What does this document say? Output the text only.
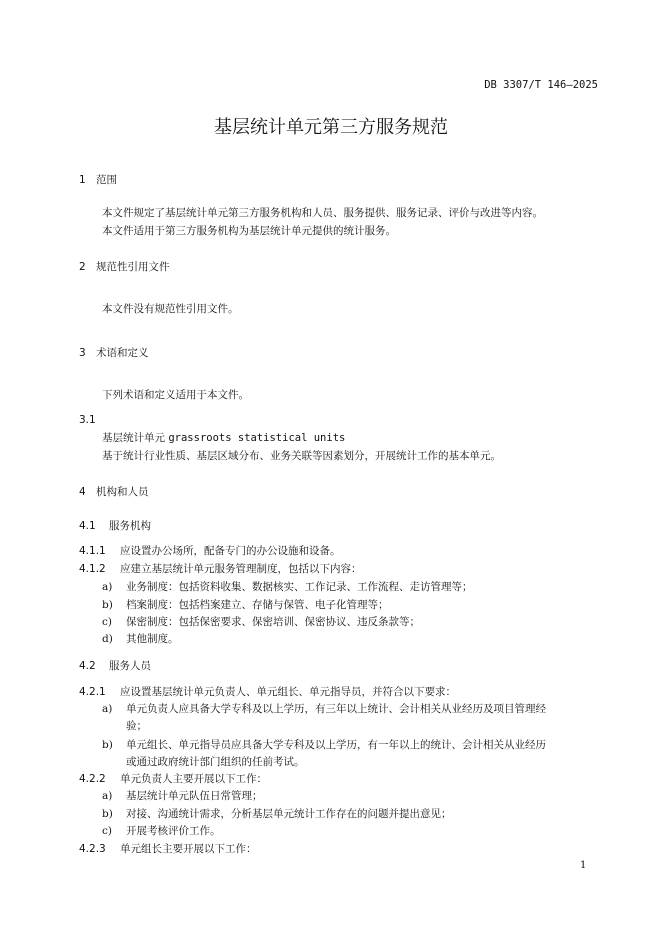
DB 3307/T 146—2025
基层统计单元第三方服务规范
1 范围
本文件规定了基层统计单元第三方服务机构和人员、服务提供、服务记录、评价与改进等内容。
本文件适用于第三方服务机构为基层统计单元提供的统计服务。
2 规范性引用文件
本文件没有规范性引用文件。
3 术语和定义
下列术语和定义适用于本文件。
3.1
基层统计单元 grassroots statistical units
基于统计行业性质、基层区域分布、业务关联等因素划分，开展统计工作的基本单元。
4 机构和人员
4.1 服务机构
4.1.1 应设置办公场所，配备专门的办公设施和设备。
4.1.2 应建立基层统计单元服务管理制度，包括以下内容：
a) 业务制度：包括资料收集、数据核实、工作记录、工作流程、走访管理等；
b) 档案制度：包括档案建立、存储与保管、电子化管理等；
c) 保密制度：包括保密要求、保密培训、保密协议、违反条款等；
d) 其他制度。
4.2 服务人员
4.2.1 应设置基层统计单元负责人、单元组长、单元指导员，并符合以下要求：
a) 单元负责人应具备大学专科及以上学历，有三年以上统计、会计相关从业经历及项目管理经
验；
b) 单元组长、单元指导员应具备大学专科及以上学历，有一年以上的统计、会计相关从业经历
或通过政府统计部门组织的任前考试。
4.2.2 单元负责人主要开展以下工作：
a) 基层统计单元队伍日常管理；
b) 对接、沟通统计需求，分析基层单元统计工作存在的问题并提出意见；
c) 开展考核评价工作。
4.2.3 单元组长主要开展以下工作：
1
